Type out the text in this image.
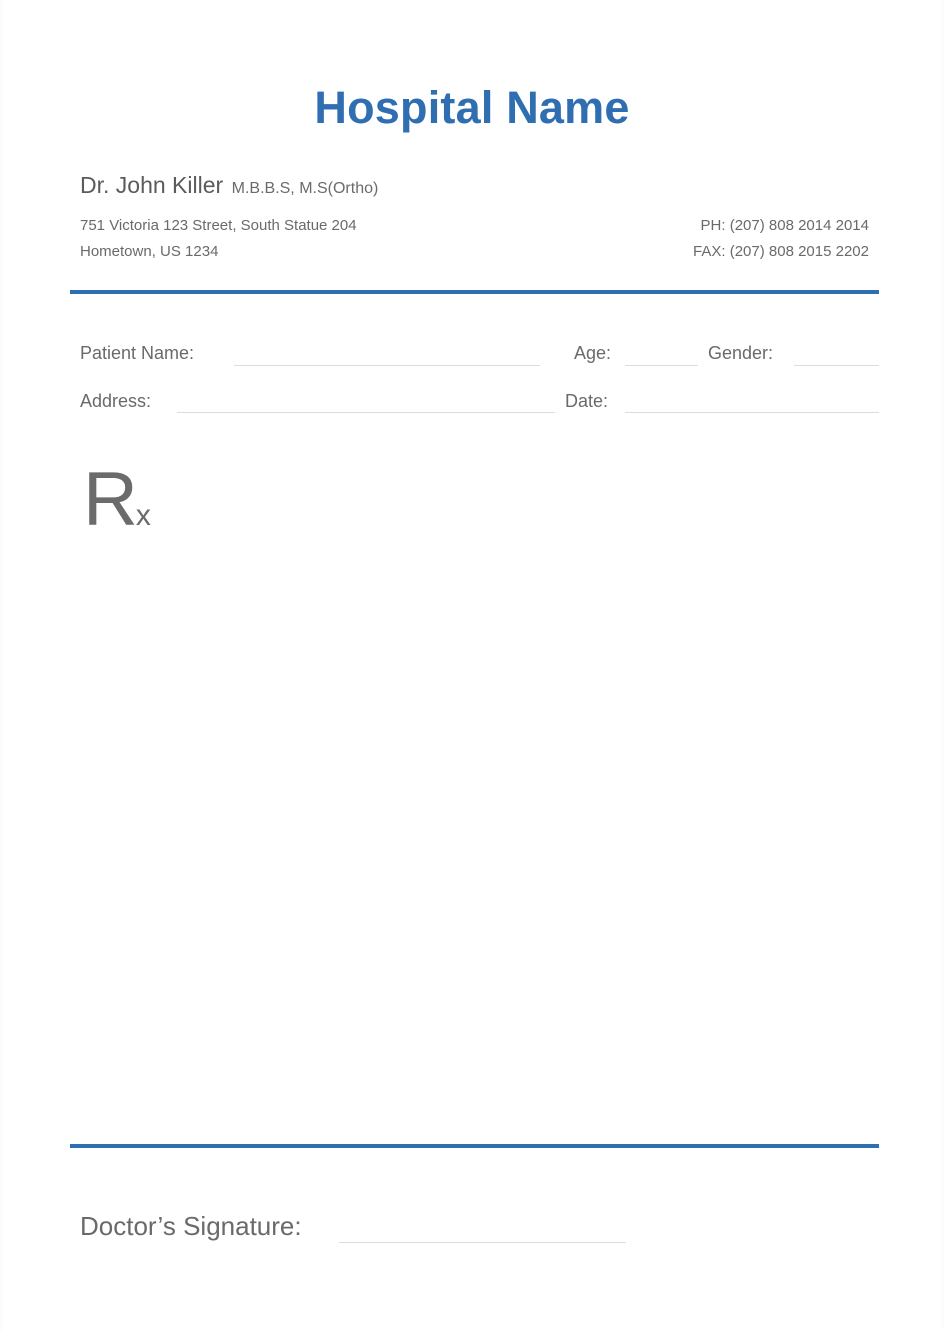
Hospital Name
Dr. John Killer M.B.B.S, M.S(Ortho)
751 Victoria 123 Street, South Statue 204
Hometown, US 1234
PH: (207) 808 2014 2014
FAX: (207) 808 2015 2202
Patient Name:	Age:	Gender:
Address:	Date:
Rx
Doctor’s Signature:
